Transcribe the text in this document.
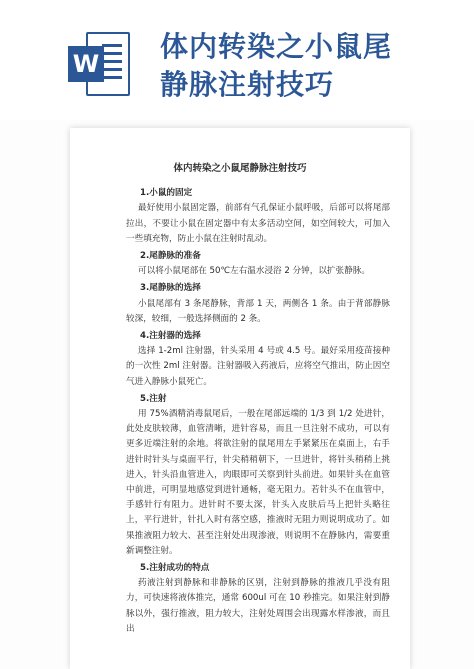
W
体内转染之小鼠尾
静脉注射技巧
体内转染之小鼠尾静脉注射技巧
1.小鼠的固定
最好使用小鼠固定器，前部有气孔保证小鼠呼吸，后部可以将尾部拉出，不要让小鼠在固定器中有太多活动空间，如空间较大，可加入一些填充物，防止小鼠在注射时乱动。
2.尾静脉的准备
可以将小鼠尾部在 50℃左右温水浸浴 2 分钟，以扩张静脉。
3.尾静脉的选择
小鼠尾部有 3 条尾静脉，背部 1 天，两侧各 1 条。由于背部静脉较深，较细，一般选择侧面的 2 条。
4.注射器的选择
选择 1-2ml 注射器，针头采用 4 号或 4.5 号。最好采用疫苗接种的一次性 2ml 注射器。注射器吸入药液后，应将空气推出，防止因空气进入静脉小鼠死亡。
5.注射
用 75%酒精消毒鼠尾后，一般在尾部远端的 1/3 到 1/2 处进针，此处皮肤较薄，血管清晰，进针容易，而且一旦注射不成功，可以有更多近端注射的余地。将欲注射的鼠尾用左手紧紧压在桌面上，右手进针时针头与桌面平行，针尖稍稍朝下，一旦进针，将针头稍稍上挑进入，针头沿血管进入，肉眼即可关察到针头前进。如果针头在血管中前进，可明显地感觉到进针通畅，毫无阻力。若针头不在血管中，手感针行有阻力。进针时不要太深，针头入皮肤后马上把针头略往上，平行进针，针扎入时有落空感，推液时无阻力则说明成功了。如果推液阻力较大、甚至注射处出现渗液，则说明不在静脉内，需要重新调整注射。
5.注射成功的特点
药液注射到静脉和非静脉的区别，注射到静脉的推液几乎没有阻力，可快速将液体推完，通常 600ul 可在 10 秒推完。如果注射到静脉以外，强行推液，阻力较大，注射处周围会出现露水样渗液，而且出
